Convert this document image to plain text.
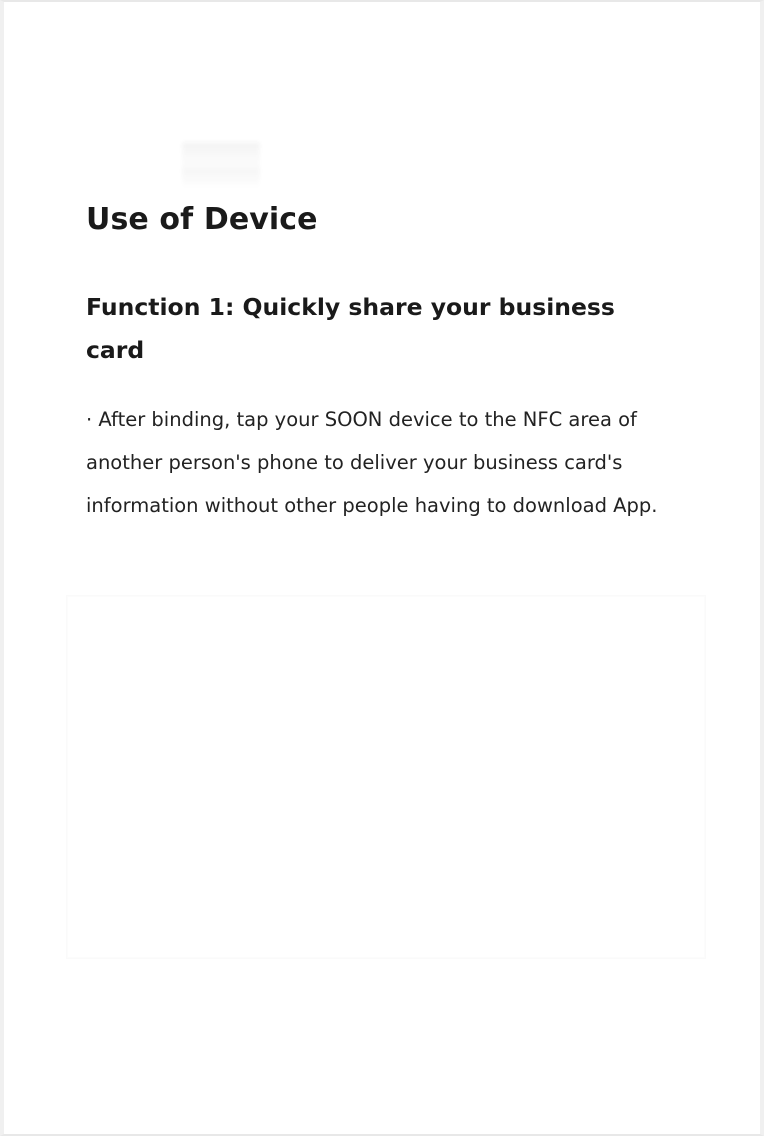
Use of Device
Function 1: Quickly share your business card

· After binding, tap your SOON device to the NFC area of another person's phone to deliver your business card's information without other people having to download App.
